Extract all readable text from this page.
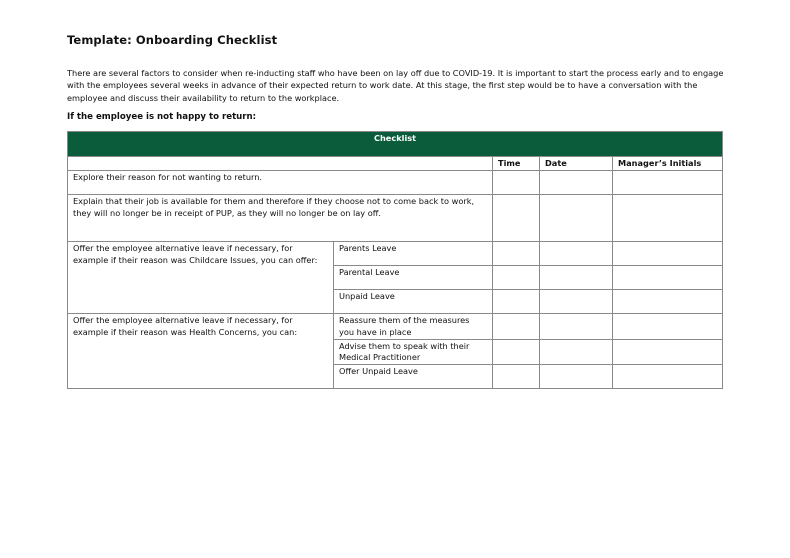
Template: Onboarding Checklist

There are several factors to consider when re-inducting staff who have been on lay off due to COVID-19. It is important to start the process early and to engage with the employees several weeks in advance of their expected return to work date. At this stage, the first step would be to have a conversation with the employee and discuss their availability to return to the workplace.

If the employee is not happy to return:
Checklist				
		Time	Date	Manager’s Initials
Explore their reason for not wanting to return.				
Explain that their job is available for them and therefore if they choose not to come back to work, they will no longer be in receipt of PUP, as they will no longer be on lay off.				
Offer the employee alternative leave if necessary, for example if their reason was Childcare Issues, you can offer:	Parents Leave			
	Parental Leave			
	Unpaid Leave			
Offer the employee alternative leave if necessary, for example if their reason was Health Concerns, you can:	Reassure them of the measures you have in place			
	Advise them to speak with their Medical Practitioner			
	Offer Unpaid Leave			
